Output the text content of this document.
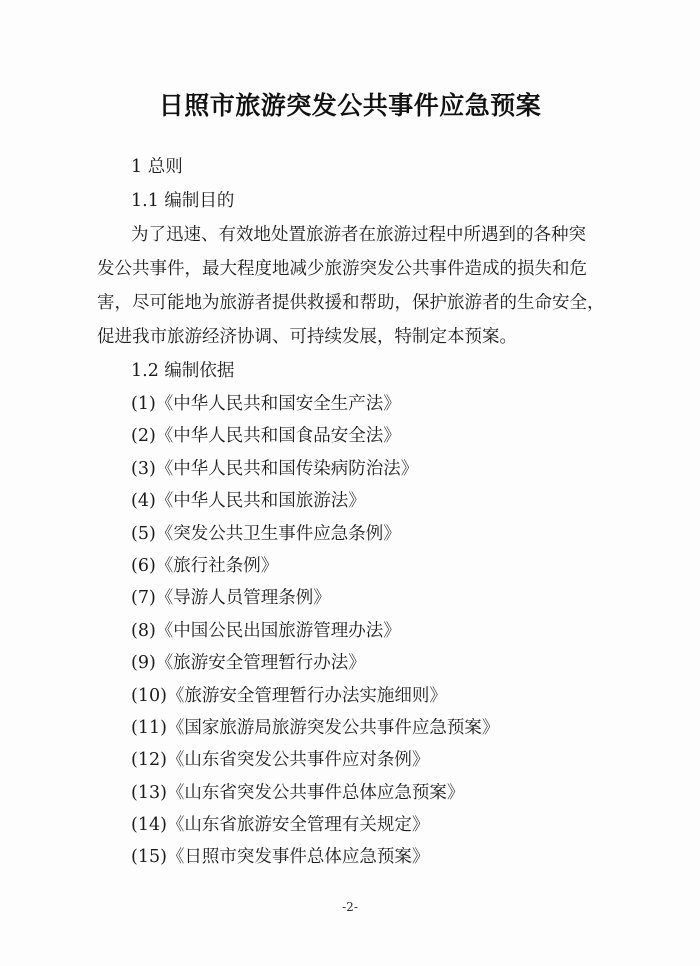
日照市旅游突发公共事件应急预案
1 总则
1.1 编制目的
为了迅速、有效地处置旅游者在旅游过程中所遇到的各种突
发公共事件，最大程度地减少旅游突发公共事件造成的损失和危
害，尽可能地为旅游者提供救援和帮助，保护旅游者的生命安全，
促进我市旅游经济协调、可持续发展，特制定本预案。
1.2 编制依据
(1)《中华人民共和国安全生产法》
(2)《中华人民共和国食品安全法》
(3)《中华人民共和国传染病防治法》
(4)《中华人民共和国旅游法》
(5)《突发公共卫生事件应急条例》
(6)《旅行社条例》
(7)《导游人员管理条例》
(8)《中国公民出国旅游管理办法》
(9)《旅游安全管理暂行办法》
(10)《旅游安全管理暂行办法实施细则》
(11)《国家旅游局旅游突发公共事件应急预案》
(12)《山东省突发公共事件应对条例》
(13)《山东省突发公共事件总体应急预案》
(14)《山东省旅游安全管理有关规定》
(15)《日照市突发事件总体应急预案》
-2-
